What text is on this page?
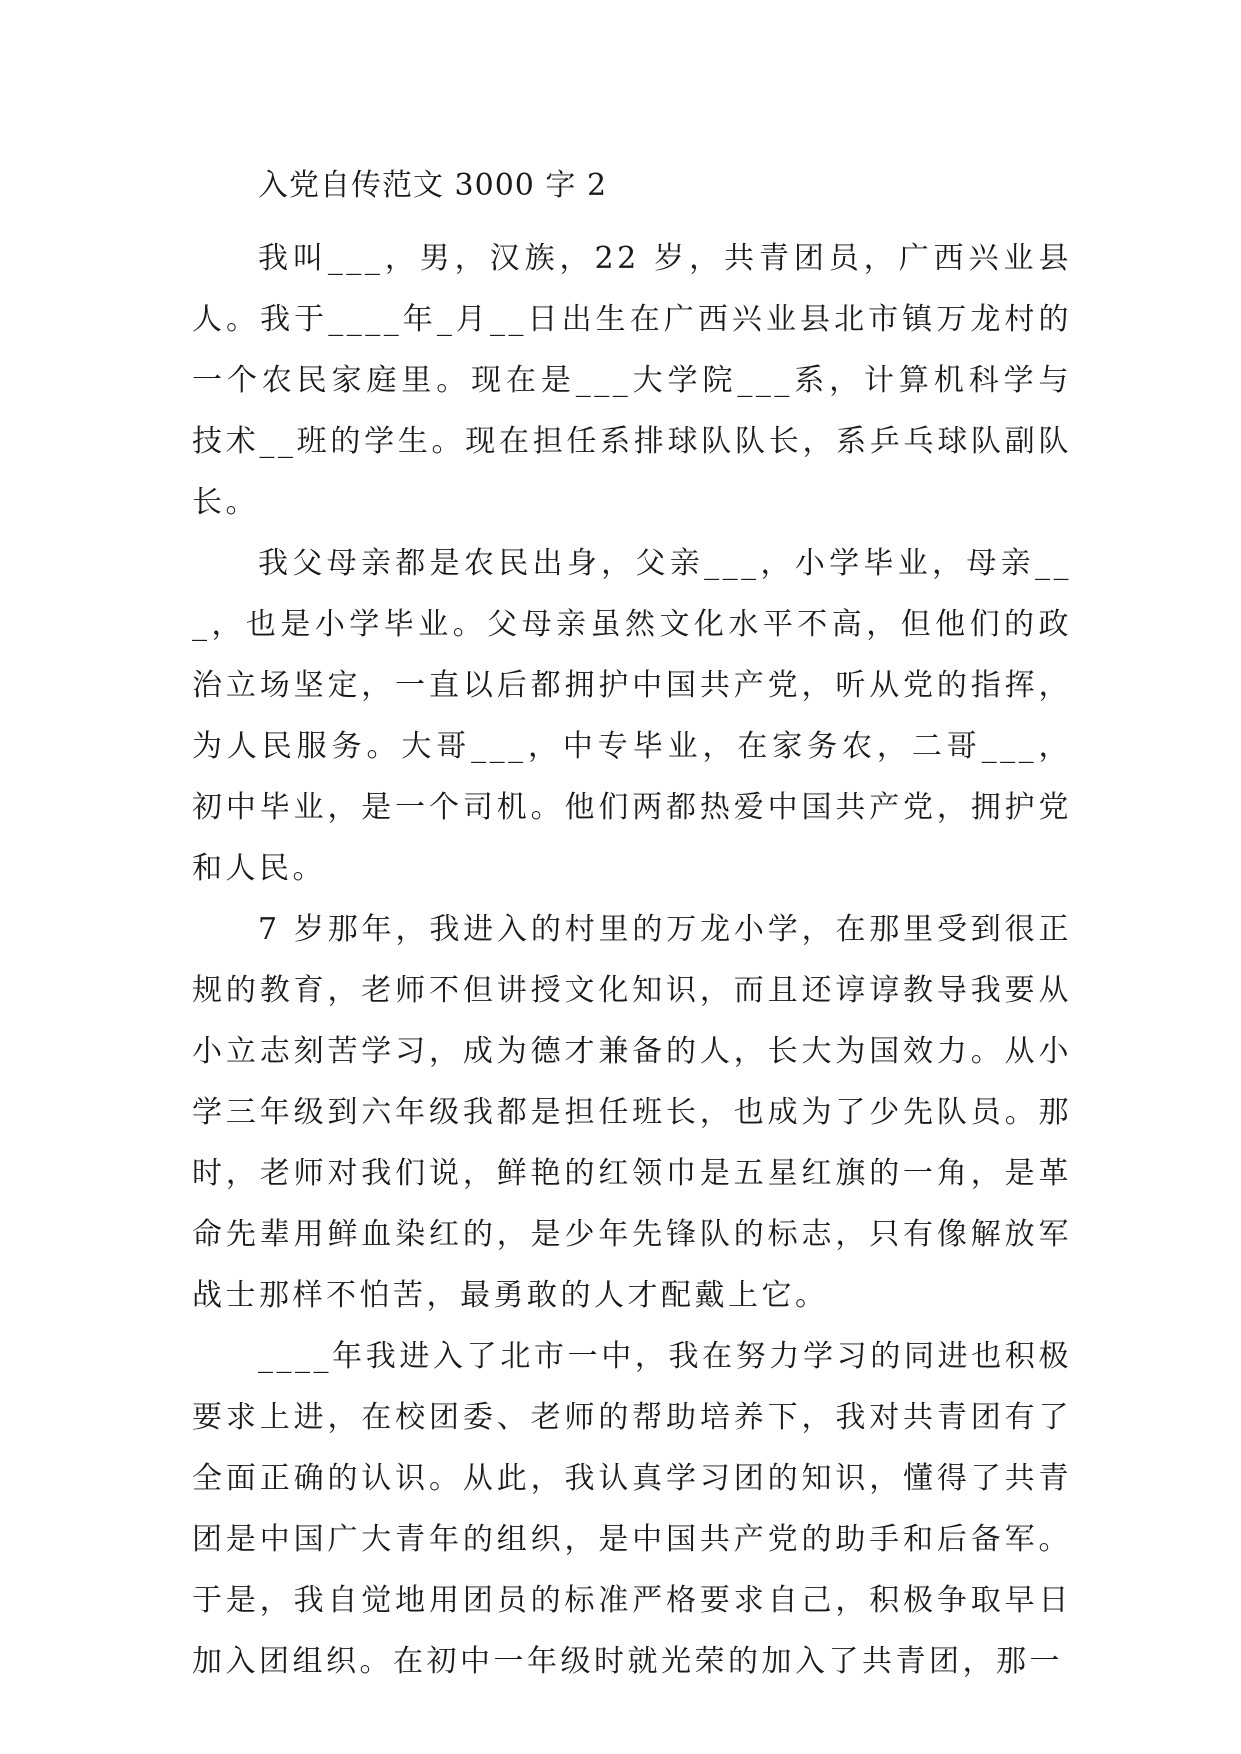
入党自传范文 3000 字 2

我叫___，男，汉族，22 岁，共青团员，广西兴业县人。我于____年_月__日出生在广西兴业县北市镇万龙村的一个农民家庭里。现在是___大学院___系，计算机科学与技术__班的学生。现在担任系排球队队长，系乒乓球队副队长。

我父母亲都是农民出身，父亲___，小学毕业，母亲___，也是小学毕业。父母亲虽然文化水平不高，但他们的政治立场坚定，一直以后都拥护中国共产党，听从党的指挥，为人民服务。大哥___，中专毕业，在家务农，二哥___，初中毕业，是一个司机。他们两都热爱中国共产党，拥护党和人民。

7 岁那年，我进入的村里的万龙小学，在那里受到很正规的教育，老师不但讲授文化知识，而且还谆谆教导我要从小立志刻苦学习，成为德才兼备的人，长大为国效力。从小学三年级到六年级我都是担任班长，也成为了少先队员。那时，老师对我们说，鲜艳的红领巾是五星红旗的一角，是革命先辈用鲜血染红的，是少年先锋队的标志，只有像解放军战士那样不怕苦，最勇敢的人才配戴上它。

____年我进入了北市一中，我在努力学习的同进也积极要求上进，在校团委、老师的帮助培养下，我对共青团有了全面正确的认识。从此，我认真学习团的知识，懂得了共青团是中国广大青年的组织，是中国共产党的助手和后备军。于是，我自觉地用团员的标准严格要求自己，积极争取早日加入团组织。在初中一年级时就光荣的加入了共青团，那一
